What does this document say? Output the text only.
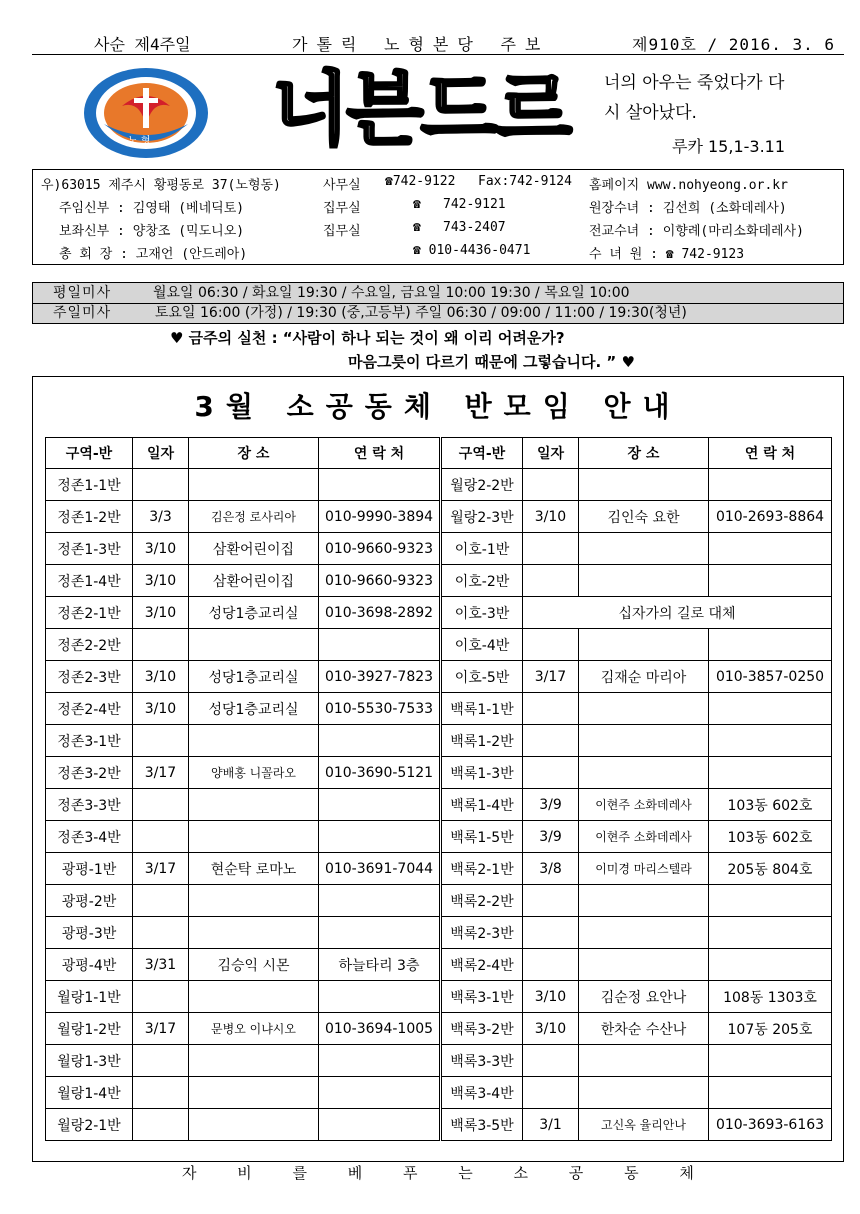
사순 제4주일	가톨릭 노형본당 주보	제910호 / 2016. 3. 6
노 형 너븐드르 너의 아우는 죽었다가 다
시 살아났다.
루카 15,1-3.11
우)63015 제주시 황평동로 37(노형동)	사무실 ☎742-9122 Fax:742-9124 홈페이지 www.nohyeong.or.kr
주임신부 : 김영태 (베네딕토)	집무실	☎ 742-9121	원장수녀 : 김선희 (소화데레사)
보좌신부 : 양창조 (믹도니오)	집무실	☎ 743-2407	전교수녀 : 이향례(마리소화데레사)
총 회 장 : 고재언 (안드레아)	☎ 010-4436-0471	수 녀 원 : ☎ 742-9123
평일미사	월요일 06:30 / 화요일 19:30 / 수요일, 금요일 10:00 19:30 / 목요일 10:00
주일미사	토요일 16:00 (가정) / 19:30 (중,고등부) 주일 06:30 / 09:00 / 11:00 / 19:30(청년)
♥ 금주의 실천 : “사람이 하나 되는 것이 왜 이리 어려운가?
마음그릇이 다르기 때문에 그렇습니다. ” ♥
3월 소공동체 반모임 안내
구역-반	일자	장 소	연 락 처	구역-반	일자	장 소	연 락 처
정존1-1반				월랑2-2반			
정존1-2반	3/3	김은정 로사리아	010-9990-3894	월랑2-3반	3/10	김인숙 요한	010-2693-8864
정존1-3반	3/10	삼환어린이집	010-9660-9323	이호-1반			
정존1-4반	3/10	삼환어린이집	010-9660-9323	이호-2반			
정존2-1반	3/10	성당1층교리실	010-3698-2892	이호-3반	십자가의 길로 대체		
정존2-2반				이호-4반			
정존2-3반	3/10	성당1층교리실	010-3927-7823	이호-5반	3/17	김재순 마리아	010-3857-0250
정존2-4반	3/10	성당1층교리실	010-5530-7533	백록1-1반			
정존3-1반				백록1-2반			
정존3-2반	3/17	양배홍 니꼴라오	010-3690-5121	백록1-3반			
정존3-3반				백록1-4반	3/9	이현주 소화데레사	103동 602호
정존3-4반				백록1-5반	3/9	이현주 소화데레사	103동 602호
광평-1반	3/17	현순탁 로마노	010-3691-7044	백록2-1반	3/8	이미경 마리스텔라	205동 804호
광평-2반				백록2-2반			
광평-3반				백록2-3반			
광평-4반	3/31	김승익 시몬	하늘타리 3층	백록2-4반			
월랑1-1반				백록3-1반	3/10	김순정 요안나	108동 1303호
월랑1-2반	3/17	문병오 이냐시오	010-3694-1005	백록3-2반	3/10	한차순 수산나	107동 205호
월랑1-3반				백록3-3반			
월랑1-4반				백록3-4반			
월랑2-1반				백록3-5반	3/1	고신옥 율리안나	010-3693-6163
자 비 를 베 푸 는 소 공 동 체
